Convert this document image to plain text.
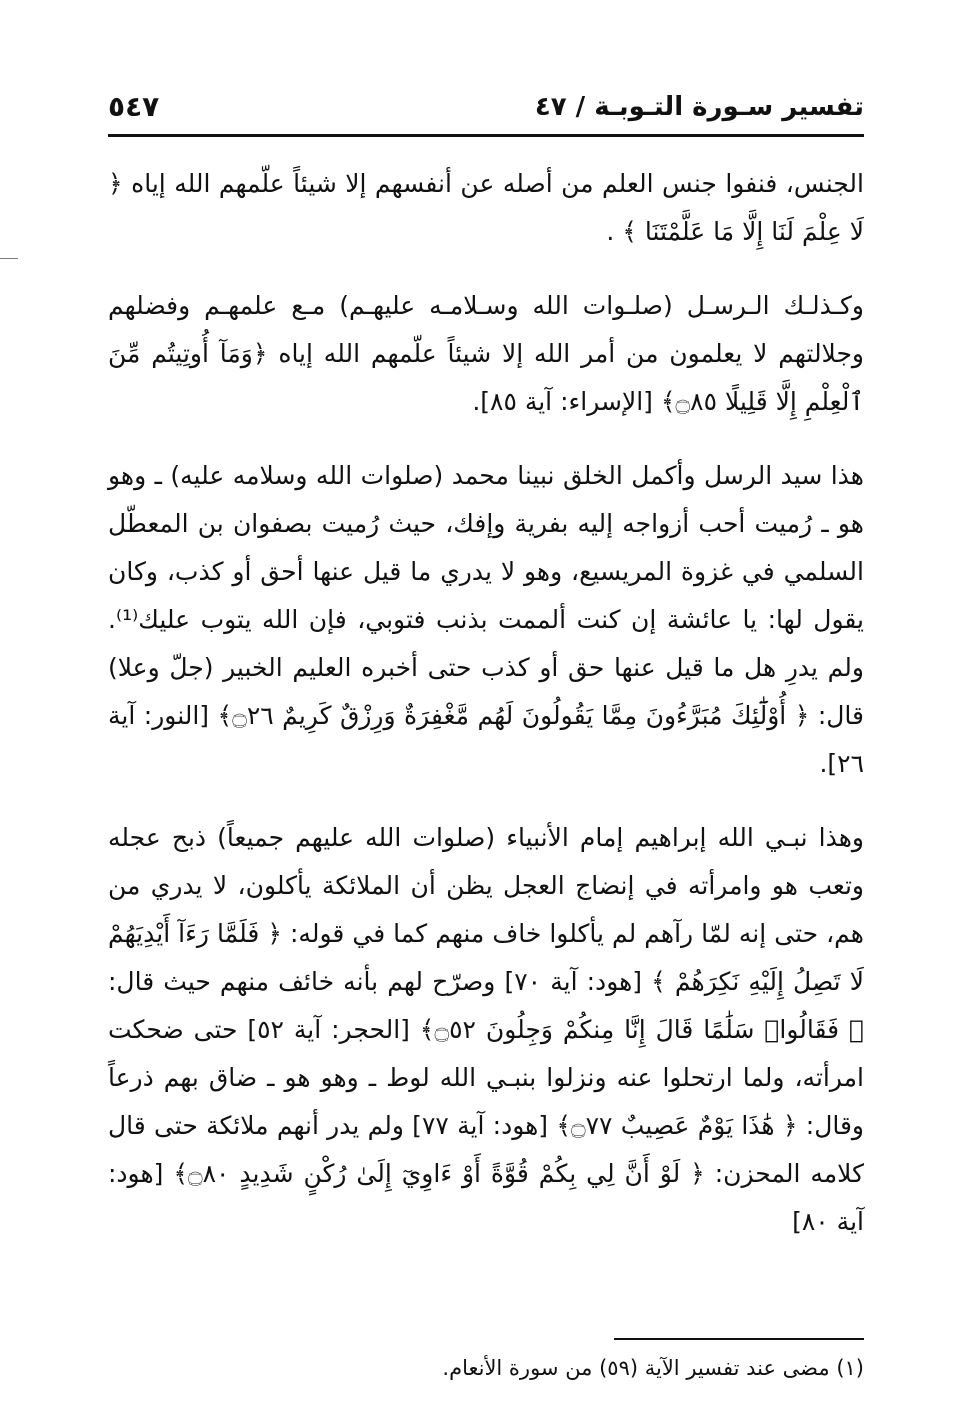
تفسير سـورة التـوبـة / ٤٧
٥٤٧

الجنس، فنفوا جنس العلم من أصله عن أنفسهم إلا شيئاً علّمهم الله إياه ﴿ لَا عِلْمَ لَنَا إِلَّا مَا عَلَّمْتَنَا ﴾ .

وكـذلـك الـرسـل (صلـوات الله وسـلامـه عليهـم) مـع علمهـم وفضلهم وجلالتهم لا يعلمون من أمر الله إلا شيئاً علّمهم الله إياه ﴿وَمَآ أُوتِيتُم مِّنَ ٱلْعِلْمِ إِلَّا قَلِيلًا ۝٨٥﴾ [الإسراء: آية ٨٥].

هذا سيد الرسل وأكمل الخلق نبينا محمد (صلوات الله وسلامه عليه) ـ وهو هو ـ رُميت أحب أزواجه إليه بفرية وإفك، حيث رُميت بصفوان بن المعطّل السلمي في غزوة المريسيع، وهو لا يدري ما قيل عنها أحق أو كذب، وكان يقول لها: يا عائشة إن كنت ألممت بذنب فتوبي، فإن الله يتوب عليك⁽¹⁾. ولم يدرِ هل ما قيل عنها حق أو كذب حتى أخبره العليم الخبير (جلّ وعلا) قال: ﴿ أُوْلَٰٓئِكَ مُبَرَّءُونَ مِمَّا يَقُولُونَ لَهُم مَّغْفِرَةٌ وَرِزْقٌ كَرِيمٌ ۝٢٦﴾ [النور: آية ٢٦].

وهذا نبـي الله إبراهيم إمام الأنبياء (صلوات الله عليهم جميعاً) ذبح عجله وتعب هو وامرأته في إنضاج العجل يظن أن الملائكة يأكلون، لا يدري من هم، حتى إنه لمّا رآهم لم يأكلوا خاف منهم كما في قوله: ﴿ فَلَمَّا رَءَآ أَيْدِيَهُمْ لَا تَصِلُ إِلَيْهِ نَكِرَهُمْ ﴾ [هود: آية ٧٠] وصرّح لهم بأنه خائف منهم حيث قال: ﴿ فَقَالُوا۟ سَلَٰمًا قَالَ إِنَّا مِنكُمْ وَجِلُونَ ۝٥٢﴾ [الحجر: آية ٥٢] حتى ضحكت امرأته، ولما ارتحلوا عنه ونزلوا بنبـي الله لوط ـ وهو هو ـ ضاق بهم ذرعاً وقال: ﴿ هَٰذَا يَوْمٌ عَصِيبٌ ۝٧٧﴾ [هود: آية ٧٧] ولم يدر أنهم ملائكة حتى قال كلامه المحزن: ﴿ لَوْ أَنَّ لِي بِكُمْ قُوَّةً أَوْ ءَاوِيٓ إِلَىٰ رُكْنٍ شَدِيدٍ ۝٨٠﴾ [هود: آية ٨٠]

(١) مضى عند تفسير الآية (٥٩) من سورة الأنعام.
